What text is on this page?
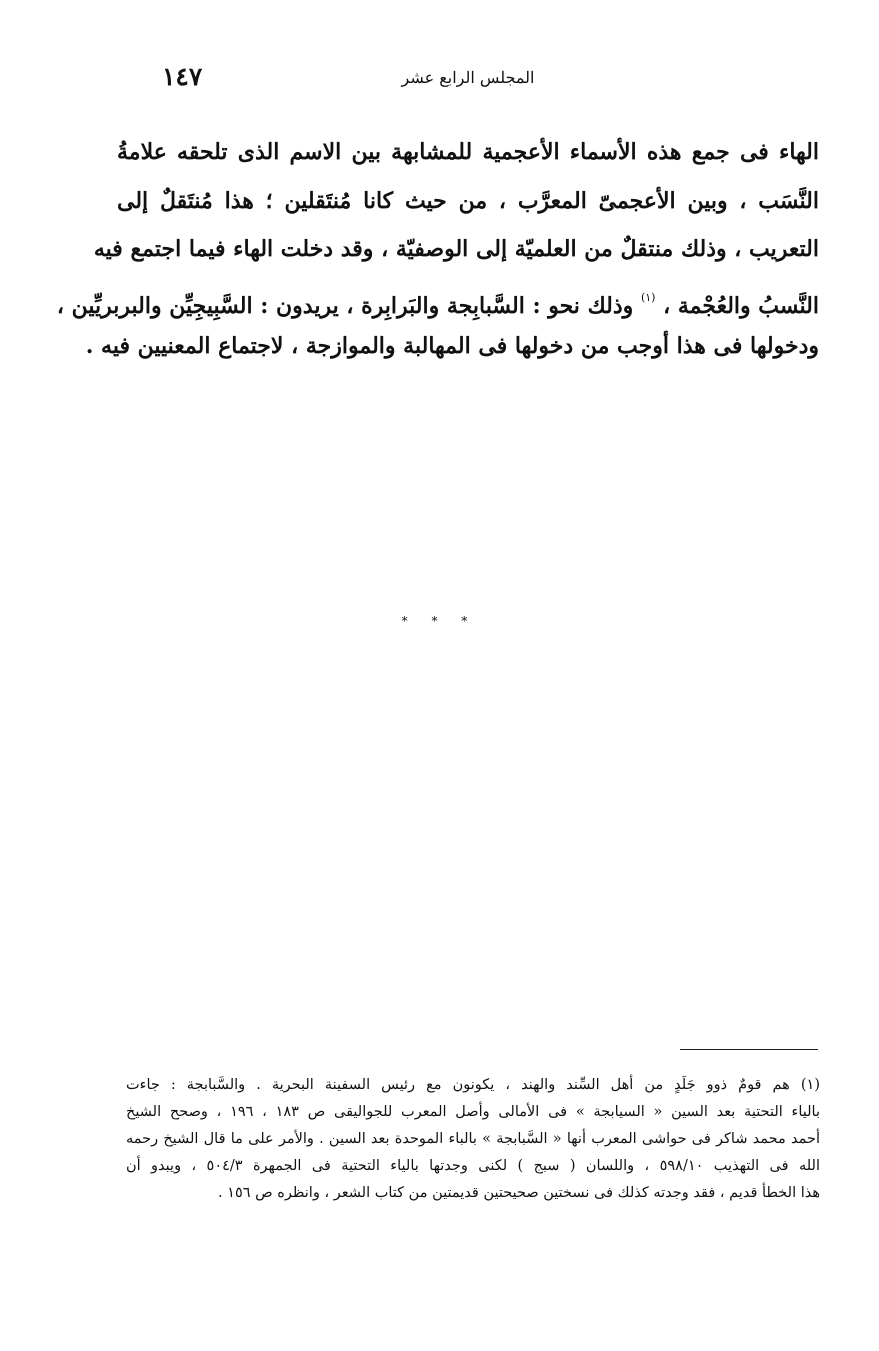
١٤٧	المجلس الرابع عشر
الهاء فى جمع هذه الأسماء الأعجمية للمشابهة بين الاسم الذى تلحقه علامةُ
النَّسَب ، وبين الأعجمىّ المعرَّب ، من حيث كانا مُنتَقلين ؛ هذا مُنتَقلٌ إلى
التعريب ، وذلك منتقلٌ من العلميّة إلى الوصفيّة ، وقد دخلت الهاء فيما اجتمع فيه
النَّسبُ والعُجْمة ، $^{(١)}$ وذلك نحو : السَّبابِجة والبَرابِرة ، يريدون : السَّبِيجِيِّن والبربريِّين ،
ودخولها فى هذا أوجب من دخولها فى المهالبة والموازجة ، لاجتماع المعنيين فيه .
* * *
(١) هم قومٌ ذوو جَلَدٍ من أهل السِّند والهند ، يكونون مع رئيس السفينة البحرية . والسَّبابجة : جاءت
بالياء التحتية بعد السين « السيابجة » فى الأمالى وأصل المعرب للجواليقى ص ١٨٣ ، ١٩٦ ، وصحح الشيخ
أحمد محمد شاكر فى حواشى المعرب أنها « السَّبابجة » بالباء الموحدة بعد السين . والأمر على ما قال الشيخ رحمه
الله فى التهذيب ٥٩٨/١٠ ، واللسان ( سبج ) لكنى وجدتها بالياء التحتية فى الجمهرة ٥٠٤/٣ ، ويبدو أن
هذا الخطأ قديم ، فقد وجدته كذلك فى نسختين صحيحتين قديمتين من كتاب الشعر ، وانظره ص ١٥٦ .
